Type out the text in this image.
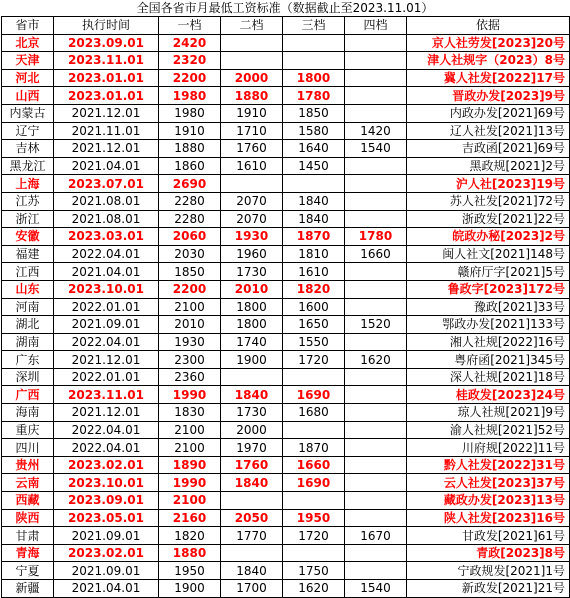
全国各省市月最低工资标准（数据截止至2023.11.01）
省市	执行时间	一档	二档	三档	四档	依据
北京	2023.09.01	2420				京人社劳发[2023]20号
天津	2023.11.01	2320				津人社规字（2023）8号
河北	2023.01.01	2200	2000	1800		冀人社发[2022]17号
山西	2023.01.01	1980	1880	1780		晋政办发[2023]9号
内蒙古	2021.12.01	1980	1910	1850		内政办发[2021]69号
辽宁	2021.11.01	1910	1710	1580	1420	辽人社发[2021]13号
吉林	2021.12.01	1880	1760	1640	1540	吉政函[2021]69号
黑龙江	2021.04.01	1860	1610	1450		黑政规[2021]2号
上海	2023.07.01	2690				沪人社[2023]19号
江苏	2021.08.01	2280	2070	1840		苏人社发[2021]72号
浙江	2021.08.01	2280	2070	1840		浙政发[2021]22号
安徽	2023.03.01	2060	1930	1870	1780	皖政办秘[2023]2号
福建	2022.04.01	2030	1960	1810	1660	闽人社文[2021]148号
江西	2021.04.01	1850	1730	1610		赣府厅字[2021]5号
山东	2023.10.01	2200	2010	1820		鲁政字[2023]172号
河南	2022.01.01	2100	1800	1600		豫政[2021]33号
湖北	2021.09.01	2010	1800	1650	1520	鄂政办发[2021]133号
湖南	2022.04.01	1930	1740	1550		湘人社规[2022]16号
广东	2021.12.01	2300	1900	1720	1620	粤府函[2021]345号
深圳	2022.01.01	2360				深人社规[2021]18号
广西	2023.11.01	1990	1840	1690		桂政发[2023]24号
海南	2021.12.01	1830	1730	1680		琼人社规[2021]9号
重庆	2022.04.01	2100	2000			渝人社规[2021]52号
四川	2022.04.01	2100	1970	1870		川府规[2022]11号
贵州	2023.02.01	1890	1760	1660		黔人社发[2022]31号
云南	2023.10.01	1990	1840	1690		云人社发[2023]37号
西藏	2023.09.01	2100				藏政办发[2023]13号
陕西	2023.05.01	2160	2050	1950		陕人社发[2023]16号
甘肃	2021.09.01	1820	1770	1720	1670	甘政发[2021]61号
青海	2023.02.01	1880				青政[2023]8号
宁夏	2021.09.01	1950	1840	1750		宁政规发[2021]1号
新疆	2021.04.01	1900	1700	1620	1540	新政发[2021]21号
